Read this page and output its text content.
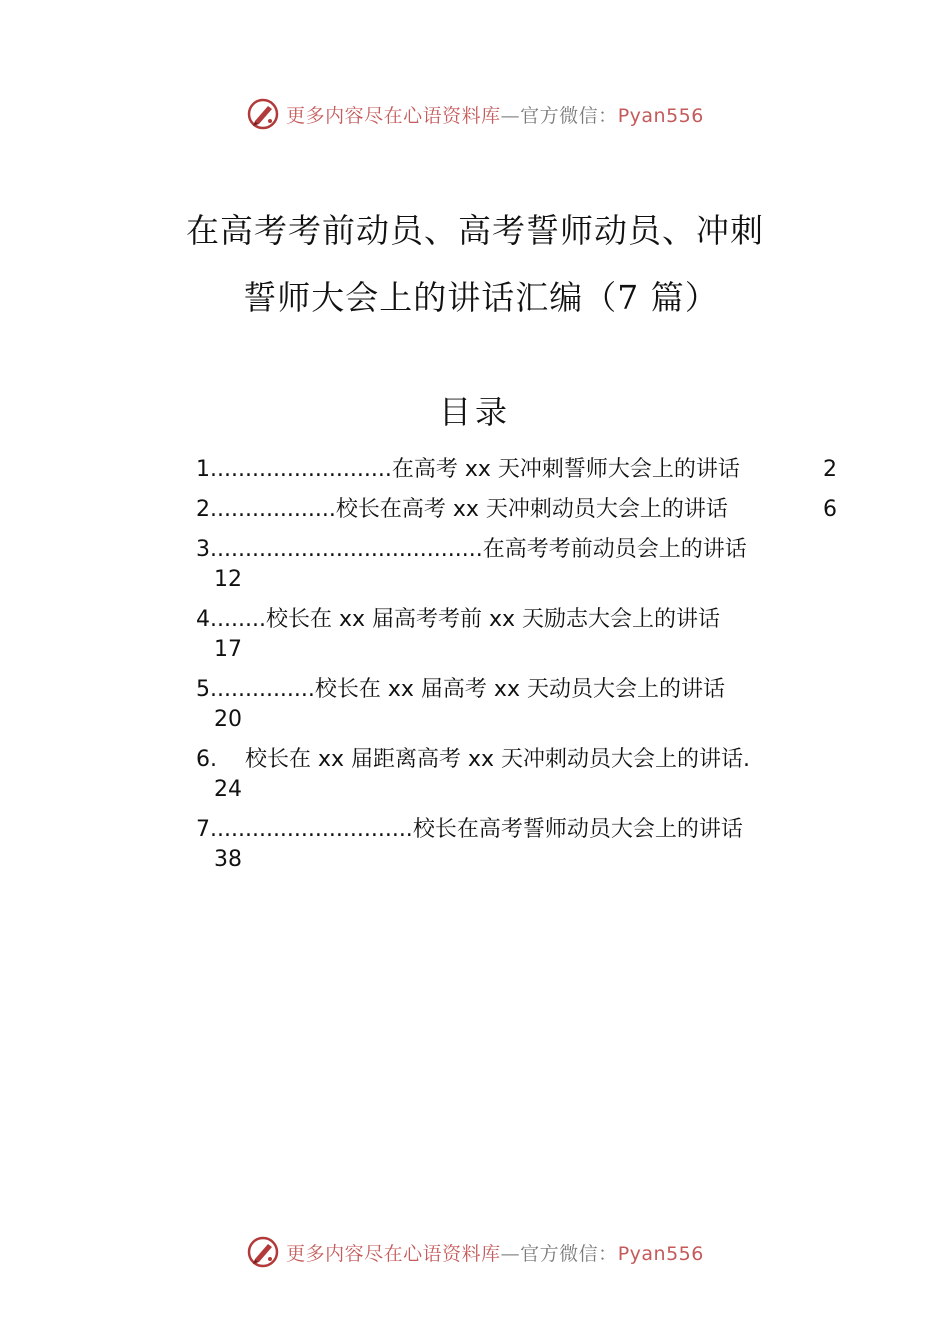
更多内容尽在心语资料库—官方微信：Pyan556
在高考考前动员、高考誓师动员、冲刺
誓师大会上的讲话汇编（7 篇）
目录
1..........................在高考 xx 天冲刺誓师大会上的讲话	2
2..................校长在高考 xx 天冲刺动员大会上的讲话	6
3.......................................在高考考前动员会上的讲话
12
4........校长在 xx 届高考考前 xx 天励志大会上的讲话
17
5...............校长在 xx 届高考 xx 天动员大会上的讲话
20
6. 校长在 xx 届距离高考 xx 天冲刺动员大会上的讲话.
24
7.............................校长在高考誓师动员大会上的讲话
38
更多内容尽在心语资料库—官方微信：Pyan556
